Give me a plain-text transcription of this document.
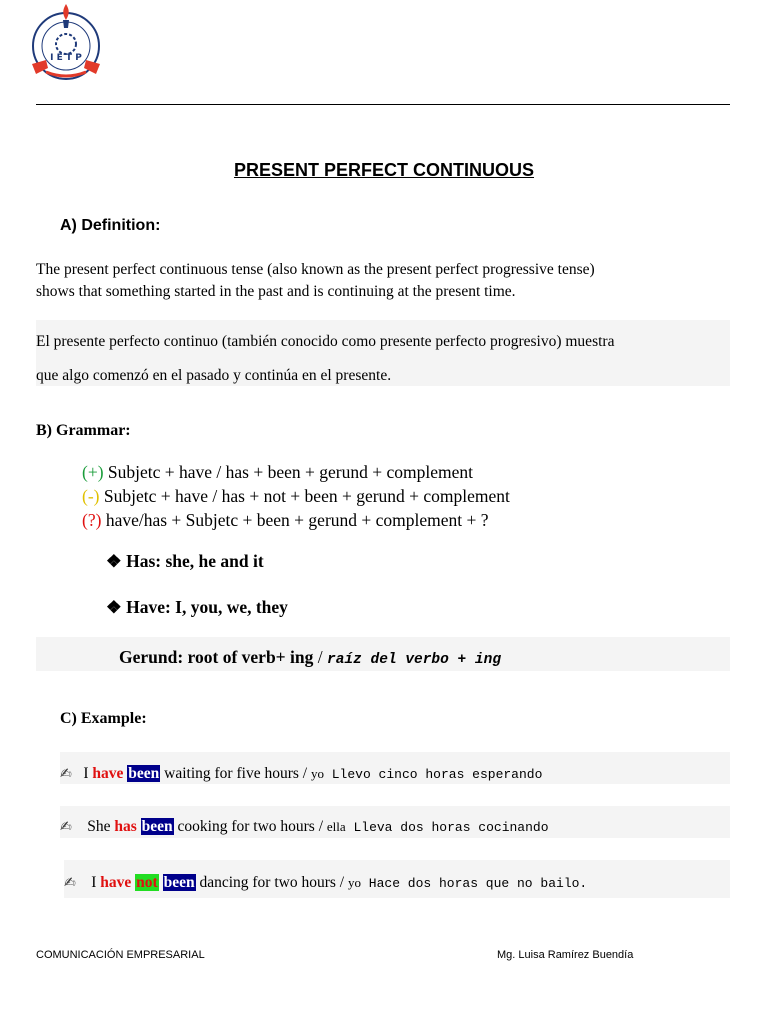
I E T P
PRESENT PERFECT CONTINUOUS
A) Definition:
The present perfect continuous tense (also known as the present perfect progressive tense)
shows that something started in the past and is continuing at the present time.
El presente perfecto continuo (también conocido como presente perfecto progresivo) muestra
que algo comenzó en el pasado y continúa en el presente.
B) Grammar:
(+) Subjetc + have / has + been + gerund + complement
(-) Subjetc + have / has + not + been + gerund + complement
(?) have/has + Subjetc + been + gerund + complement + ?
❖ Has: she, he and it
❖ Have: I, you, we, they
Gerund: root of verb+ ing / raíz del verbo + ing
C) Example:
✍ I have been waiting for five hours / yo Llevo cinco horas esperando
✍ She has been cooking for two hours / ella Lleva dos horas cocinando
✍ I have not been dancing for two hours / yo Hace dos horas que no bailo.
COMUNICACIÓN EMPRESARIAL	Mg. Luisa Ramírez Buendía
